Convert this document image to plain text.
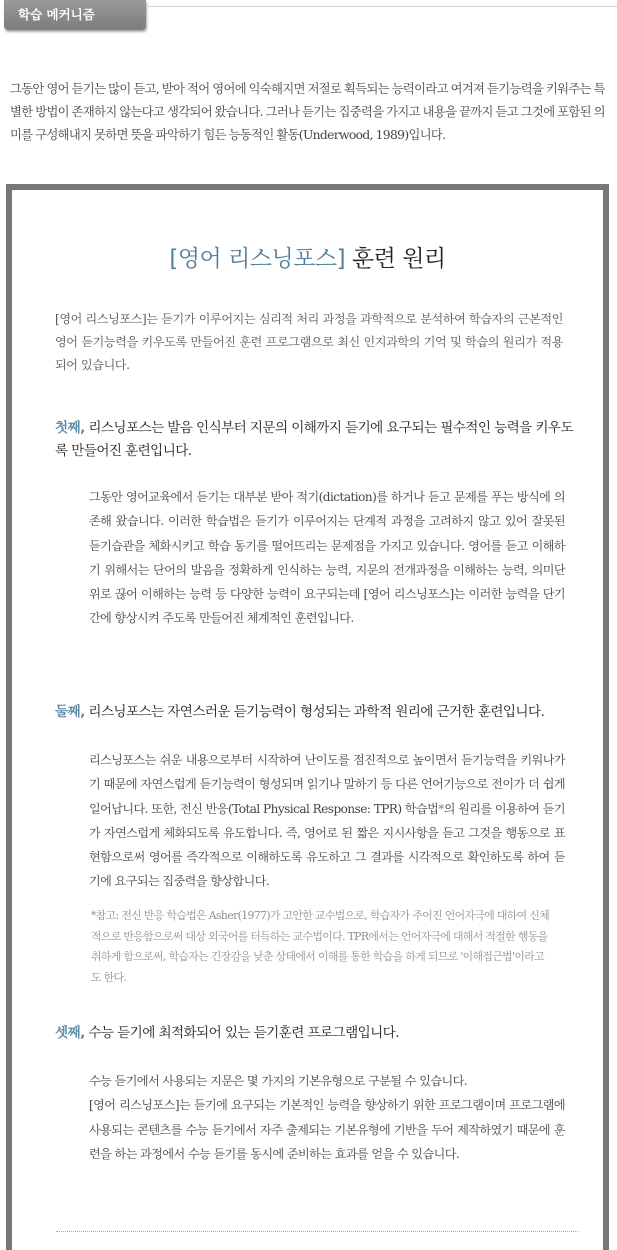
학습 메커니즘

그동안 영어 듣기는 많이 듣고, 받아 적어 영어에 익숙해지면 저절로 획득되는 능력이라고 여겨져 듣기능력을 키워주는 특별한 방법이 존재하지 않는다고 생각되어 왔습니다. 그러나 듣기는 집중력을 가지고 내용을 끝까지 듣고 그것에 포함된 의미를 구성해내지 못하면 뜻을 파악하기 힘든 능동적인 활동(Underwood, 1989)입니다.

[영어 리스닝포스] 훈련 원리

[영어 리스닝포스]는 듣기가 이루어지는 심리적 처리 과정을 과학적으로 분석하여 학습자의 근본적인 영어 듣기능력을 키우도록 만들어진 훈련 프로그램으로 최신 인지과학의 기억 및 학습의 원리가 적용되어 있습니다.

첫째, 리스닝포스는 발음 인식부터 지문의 이해까지 듣기에 요구되는 필수적인 능력을 키우도록 만들어진 훈련입니다.

그동안 영어교육에서 듣기는 대부분 받아 적기(dictation)를 하거나 듣고 문제를 푸는 방식에 의존해 왔습니다. 이러한 학습법은 듣기가 이루어지는 단계적 과정을 고려하지 않고 있어 잘못된 듣기습관을 체화시키고 학습 동기를 떨어뜨리는 문제점을 가지고 있습니다. 영어를 듣고 이해하기 위해서는 단어의 발음을 정확하게 인식하는 능력, 지문의 전개과정을 이해하는 능력, 의미단위로 끊어 이해하는 능력 등 다양한 능력이 요구되는데 [영어 리스닝포스]는 이러한 능력을 단기간에 향상시켜 주도록 만들어진 체계적인 훈련입니다.

둘째, 리스닝포스는 자연스러운 듣기능력이 형성되는 과학적 원리에 근거한 훈련입니다.

리스닝포스는 쉬운 내용으로부터 시작하여 난이도를 점진적으로 높이면서 듣기능력을 키워나가기 때문에 자연스럽게 듣기능력이 형성되며 읽기나 말하기 등 다른 언어기능으로 전이가 더 쉽게 일어납니다. 또한, 전신 반응(Total Physical Response: TPR) 학습법*의 원리를 이용하여 듣기가 자연스럽게 체화되도록 유도합니다. 즉, 영어로 된 짧은 지시사항을 듣고 그것을 행동으로 표현함으로써 영어를 즉각적으로 이해하도록 유도하고 그 결과를 시각적으로 확인하도록 하여 듣기에 요구되는 집중력을 향상합니다.

*참고: 전신 반응 학습법은 Asher(1977)가 고안한 교수법으로, 학습자가 주어진 언어자극에 대하여 신체적으로 반응함으로써 대상 외국어를 터득하는 교수법이다. TPR에서는 언어자극에 대해서 적절한 행동을 취하게 함으로써, 학습자는 긴장감을 낮춘 상태에서 이해를 통한 학습을 하게 되므로 '이해접근법'이라고도 한다.

셋째, 수능 듣기에 최적화되어 있는 듣기훈련 프로그램입니다.

수능 듣기에서 사용되는 지문은 몇 가지의 기본유형으로 구분될 수 있습니다.
[영어 리스닝포스]는 듣기에 요구되는 기본적인 능력을 향상하기 위한 프로그램이며 프로그램에 사용되는 콘텐츠를 수능 듣기에서 자주 출제되는 기본유형에 기반을 두어 제작하였기 때문에 훈련을 하는 과정에서 수능 듣기를 동시에 준비하는 효과를 얻을 수 있습니다.
